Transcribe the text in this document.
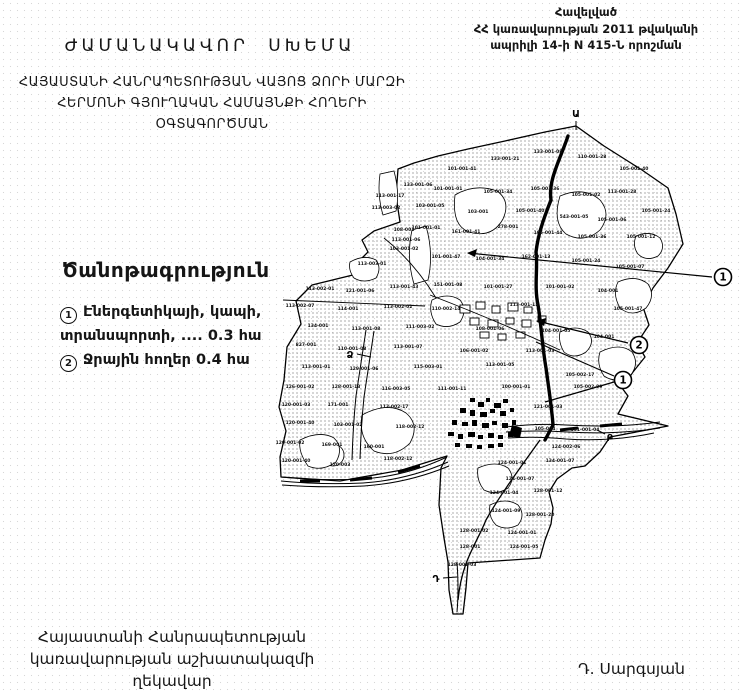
133-001-21
133-001-08
110-001-28
105-001-40
101-001-41
133-001-06
101-001-01
105-001-34
105-001-36
105-001-02
113-001-28
105-001-24
113-001-17
113-003-02	103-001-05
103-001	105-001-40
543-001-05
105-001-06
108-001
113-001-06
103-001-02
101-001-01
161-001-41
278-001
105-001-44
105-001-36	105-001-12
113-003-01
101-001-47	104-001-34	162-001-13
105-001-24
105-001-07
113-002-01 121-001-06
113-001-43	151-001-08	101-001-27	101-001-02
104-001
113-002-07
114-001	113-002-02	110-002-14
113-001-12
105-001-47
134-001
113-001-08	111-003-02	108-001-06	104-001-05
104-001
827-001
110-001-08	113-001-07
106-001-02	113-001-03
105-002-17
105-002-09
113-001-01	129-001-06	115-003-01	113-001-05
126-001-02	128-001-13	116-003-05	111-001-11	100-001-01
120-001-03	171-001	113-002-17	121-001-03
120-001-40	103-001-02	118-002-12	105-004	131-001-04
120-001-02	169-001	160-001	124-002-06
120-001-40
120-003
118-002-12
124-001-01	134-001-07
124-001-07
124-001-04	128-001-12
124-001-09
128-001-20
128-001-02	124-001-01
128-001	124-001-05
128-001-03
Ա
Բ
Ձ
Դ
1
2
1
Հավելված
ՀՀ կառավարության 2011 թվականի
ապրիլի 14-ի N 415-Ն որոշման
ԺԱՄԱՆԱԿԱՎՈՐ ՍԽԵՄԱ
ՀԱՅԱՍՏԱՆԻ ՀԱՆՐԱՊԵՏՈՒԹՅԱՆ ՎԱՅՈՑ ՁՈՐԻ ՄԱՐԶԻ
ՀԵՐՄՈՆԻ ԳՅՈՒՂԱԿԱՆ ՀԱՄԱՅՆՔԻ ՀՈՂԵՐԻ
ՕԳՏԱԳՈՐԾՄԱՆ
Ծանոթագրություն
1 Էներգետիկայի, կապի,
տրանսպորտի, .... 0.3 հա
2 Ջրային հողեր 0.4 հա
Հայաստանի Հանրապետության
կառավարության աշխատակազմի
ղեկավար
Դ. Սարգսյան
